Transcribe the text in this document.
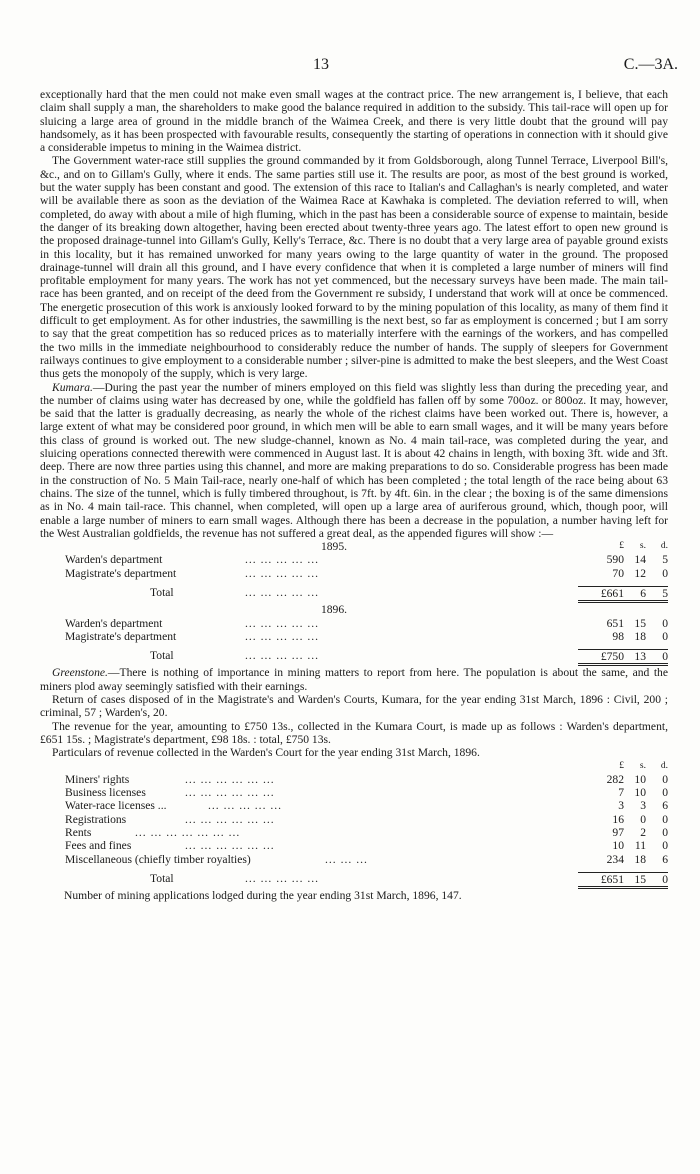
13	C.—3A.

exceptionally hard that the men could not make even small wages at the contract price. The new arrangement is, I believe, that each claim shall supply a man, the shareholders to make good the balance required in addition to the subsidy. This tail-race will open up for sluicing a large area of ground in the middle branch of the Waimea Creek, and there is very little doubt that the ground will pay handsomely, as it has been prospected with favourable results, consequently the starting of operations in connection with it should give a considerable impetus to mining in the Waimea district.

The Government water-race still supplies the ground commanded by it from Goldsborough, along Tunnel Terrace, Liverpool Bill's, &c., and on to Gillam's Gully, where it ends. The same parties still use it. The results are poor, as most of the best ground is worked, but the water supply has been constant and good. The extension of this race to Italian's and Callaghan's is nearly completed, and water will be available there as soon as the deviation of the Waimea Race at Kawhaka is completed. The deviation referred to will, when completed, do away with about a mile of high fluming, which in the past has been a considerable source of expense to maintain, beside the danger of its breaking down altogether, having been erected about twenty-three years ago. The latest effort to open new ground is the proposed drainage-tunnel into Gillam's Gully, Kelly's Terrace, &c. There is no doubt that a very large area of payable ground exists in this locality, but it has remained unworked for many years owing to the large quantity of water in the ground. The proposed drainage-tunnel will drain all this ground, and I have every confidence that when it is completed a large number of miners will find profitable employment for many years. The work has not yet commenced, but the necessary surveys have been made. The main tail-race has been granted, and on receipt of the deed from the Government re subsidy, I understand that work will at once be commenced. The energetic prosecution of this work is anxiously looked forward to by the mining population of this locality, as many of them find it difficult to get employment. As for other industries, the sawmilling is the next best, so far as employment is concerned ; but I am sorry to say that the great competition has so reduced prices as to materially interfere with the earnings of the workers, and has compelled the two mills in the immediate neighbourhood to considerably reduce the number of hands. The supply of sleepers for Government railways continues to give employment to a considerable number ; silver-pine is admitted to make the best sleepers, and the West Coast thus gets the monopoly of the supply, which is very large.

Kumara.—During the past year the number of miners employed on this field was slightly less than during the preceding year, and the number of claims using water has decreased by one, while the goldfield has fallen off by some 700oz. or 800oz. It may, however, be said that the latter is gradually decreasing, as nearly the whole of the richest claims have been worked out. There is, however, a large extent of what may be considered poor ground, in which men will be able to earn small wages, and it will be many years before this class of ground is worked out. The new sludge-channel, known as No. 4 main tail-race, was completed during the year, and sluicing operations connected therewith were commenced in August last. It is about 42 chains in length, with boxing 3ft. wide and 3ft. deep. There are now three parties using this channel, and more are making preparations to do so. Considerable progress has been made in the construction of No. 5 Main Tail-race, nearly one-half of which has been completed ; the total length of the race being about 63 chains. The size of the tunnel, which is fully timbered throughout, is 7ft. by 4ft. 6in. in the clear ; the boxing is of the same dimensions as in No. 4 main tail-race. This channel, when completed, will open up a large area of auriferous ground, which, though poor, will enable a large number of miners to earn small wages. Although there has been a decrease in the population, a number having left for the West Australian goldfields, the revenue has not suffered a great deal, as the appended figures will show :—

1895.	£	s.	d.
Warden's department	... ... ... ... ...	590 14	5
Magistrate's department	... ... ... ... ...	70 12	0
Total	... ... ... ... ...	£661	6	5
1896.
Warden's department	... ... ... ... ...	651 15	0
Magistrate's department	... ... ... ... ...	98 18	0
Total	... ... ... ... ...	£750 13	0

Greenstone.—There is nothing of importance in mining matters to report from here. The population is about the same, and the miners plod away seemingly satisfied with their earnings.

Return of cases disposed of in the Magistrate's and Warden's Courts, Kumara, for the year ending 31st March, 1896 : Civil, 200 ; criminal, 57 ; Warden's, 20.

The revenue for the year, amounting to £750 13s., collected in the Kumara Court, is made up as follows : Warden's department, £651 15s. ; Magistrate's department, £98 18s. : total, £750 13s.

Particulars of revenue collected in the Warden's Court for the year ending 31st March, 1896.

£	s.	d.
Miners' rights	... ... ... ... ... ...	282 10	0
Business licenses	... ... ... ... ... ...	7 10	0
Water-race licenses ...	... ... ... ... ...	3	3	6
Registrations	... ... ... ... ... ...	16	0	0
Rents	... ... ... ... ... ... ...	97	2	0
Fees and fines	... ... ... ... ... ...	10 11	0
Miscellaneous (chiefly timber royalties)	... ... ...	234 18	6
Total	... ... ... ... ...	£651 15	0

Number of mining applications lodged during the year ending 31st March, 1896, 147.
